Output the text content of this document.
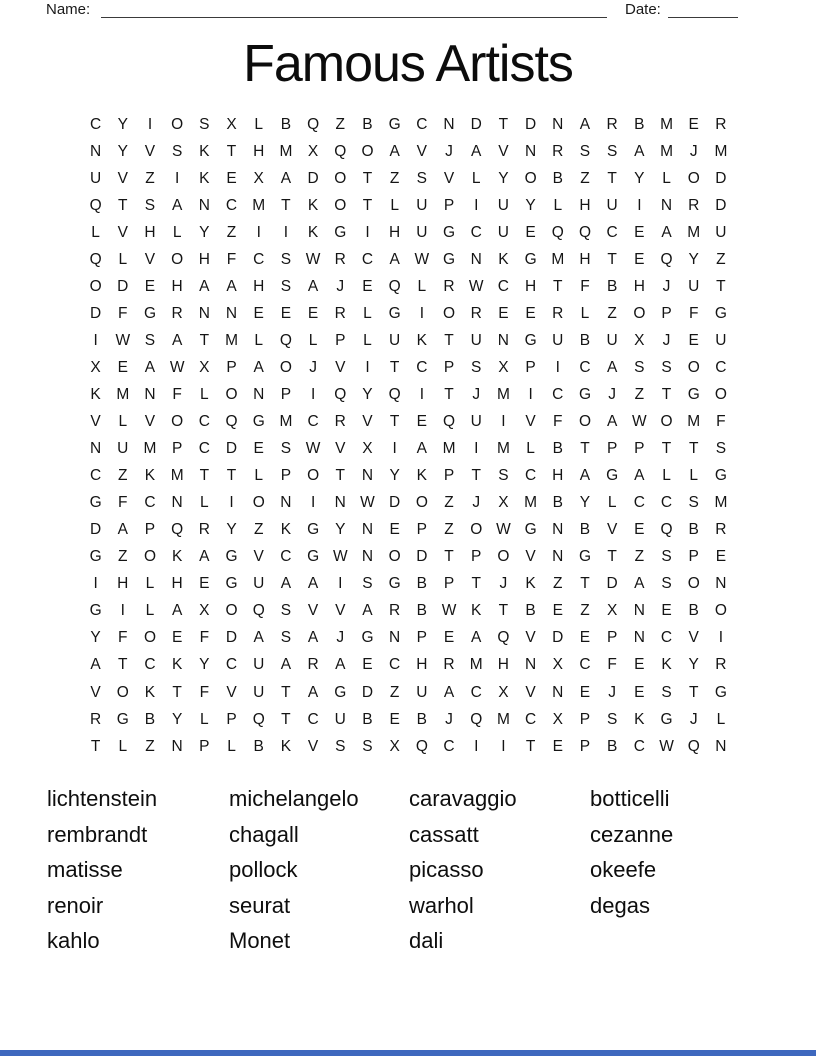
Name:	Date:
Famous Artists
C	Y	I	O	S	X	L	B	Q	Z	B	G	C	N	D	T	D	N	A	R	B	M	E	R
N	Y	V	S	K	T	H M	X	Q O	A	V	J	A	V	N	R	S	S	A	M	J	M
U	V	Z	I	K	E	X	A	D	O	T	Z	S	V	L	Y	O	B	Z	T	Y	L	O	D
Q	T	S	A	N	C M	T	K	O	T	L	U	P	I	U	Y	L	H	U	I	N	R	D
L	V	H	L	Y	Z	I	I	K	G	I	H	U	G	C	U	E	Q Q	C	E	A	M U
Q	L	V	O	H	F	C	S W R	C	A W G	N	K	G M H	T	E	Q	Y	Z
O	D	E	H	A	A	H	S	A	J	E	Q	L	R W C	H	T	F	B	H	J	U	T
D	F	G	R	N	N	E	E	E	R	L	G	I	O	R	E	E	R	L	Z	O	P	F	G
I	W S	A	T	M	L	Q	L	P	L	U	K	T	U	N	G	U	B	U	X	J	E	U
X	E	A W X	P	A	O	J	V	I	T	C	P	S	X	P	I	C	A	S	S	O	C
K	M N	F	L	O	N	P	I	Q	Y	Q	I	T	J	M	I	C	G	J	Z	T	G O
V	L	V	O	C	Q G M C	R	V	T	E	Q	U	I	V	F	O	A W O M	F
N	U M	P	C	D	E	S W V	X	I	A	M	I	M	L	B	T	P	P	T	T	S
C	Z	K	M	T	T	L	P	O	T	N	Y	K	P	T	S	C	H	A	G	A	L	L	G
G	F	C	N	L	I	O	N	I	N W D	O	Z	J	X	M	B	Y	L	C	C	S	M
D	A	P	Q	R	Y	Z	K	G	Y	N	E	P	Z	O W G	N	B	V	E	Q	B	R
G	Z	O	K	A	G	V	C	G W N	O	D	T	P	O	V	N	G	T	Z	S	P	E
I	H	L	H	E	G	U	A	A	I	S	G	B	P	T	J	K	Z	T	D	A	S	O	N
G	I	L	A	X	O Q	S	V	V	A	R	B W K	T	B	E	Z	X	N	E	B	O
Y	F	O	E	F	D	A	S	A	J	G	N	P	E	A	Q	V	D	E	P	N	C	V	I
A	T	C	K	Y	C	U	A	R	A	E	C	H	R M H	N	X	C	F	E	K	Y	R
V	O	K	T	F	V	U	T	A	G	D	Z	U	A	C	X	V	N	E	J	E	S	T	G
R	G	B	Y	L	P	Q	T	C	U	B	E	B	J	Q M C	X	P	S	K	G	J	L
T	L	Z	N	P	L	B	K	V	S	S	X	Q	C	I	I	T	E	P	B	C W Q	N
lichtenstein
rembrandt
matisse
renoir
kahlo
michelangelo
chagall
pollock
seurat
Monet
caravaggio
cassatt
picasso
warhol
dali
botticelli
cezanne
okeefe
degas
